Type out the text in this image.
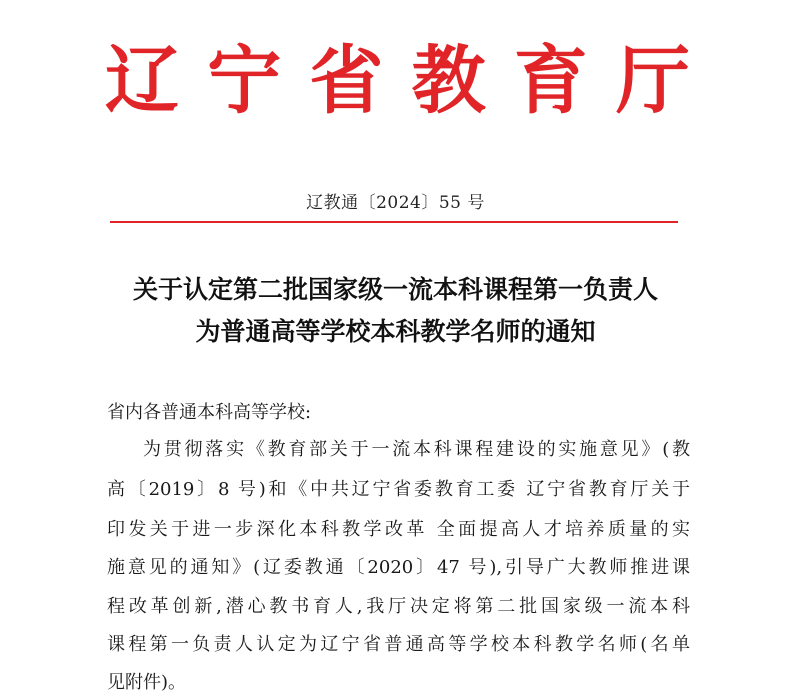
辽 宁 省 教 育 厅
辽教通〔2024〕55 号
关于认定第二批国家级一流本科课程第一负责人
为普通高等学校本科教学名师的通知
省内各普通本科高等学校:
为贯彻落实《教育部关于一流本科课程建设的实施意见》(教
高〔2019〕8 号)和《中共辽宁省委教育工委 辽宁省教育厅关于
印发关于进一步深化本科教学改革 全面提高人才培养质量的实
施意见的通知》(辽委教通〔2020〕47 号),引导广大教师推进课
程改革创新,潜心教书育人,我厅决定将第二批国家级一流本科
课程第一负责人认定为辽宁省普通高等学校本科教学名师(名单
见附件)。
